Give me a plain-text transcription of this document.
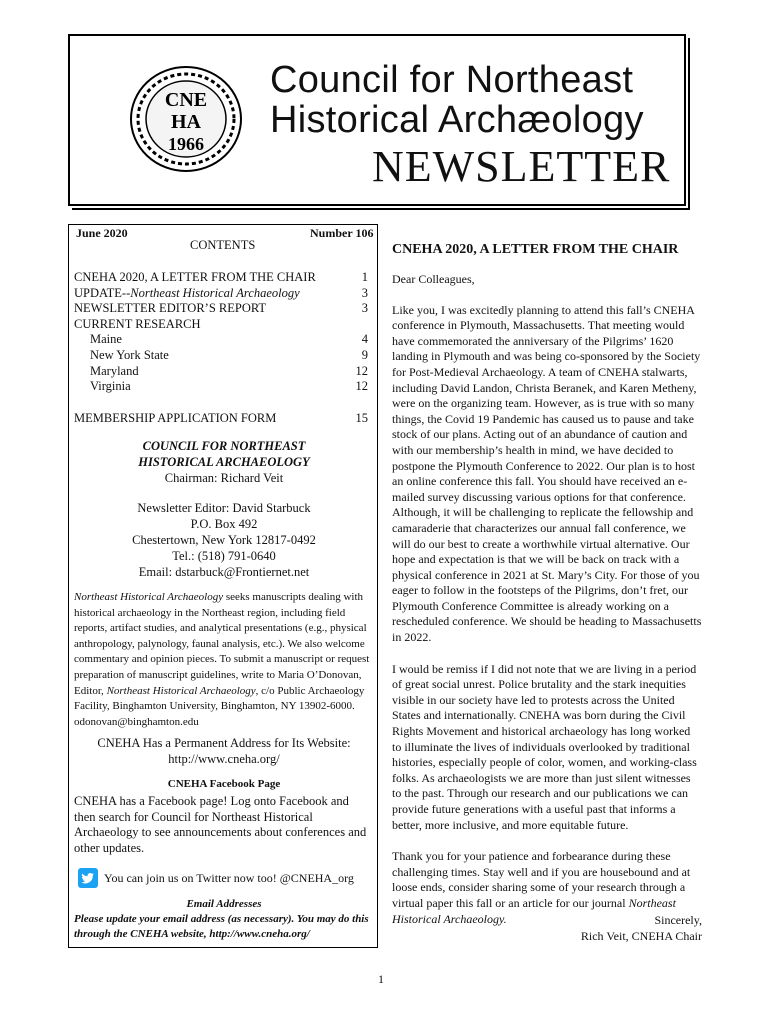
CNE
HA
1966
Council for Northeast
Historical Archæology
NEWSLETTER
June 2020	Number 106
CONTENTS
CNEHA 2020, A LETTER FROM THE CHAIR	1
UPDATE--Northeast Historical Archaeology	3
NEWSLETTER EDITOR’S REPORT	3
CURRENT RESEARCH
Maine	4
New York State	9
Maryland	12
Virginia	12
MEMBERSHIP APPLICATION FORM	15
COUNCIL FOR NORTHEAST
HISTORICAL ARCHAEOLOGY
Chairman: Richard Veit
Newsletter Editor: David Starbuck
P.O. Box 492
Chestertown, New York 12817-0492
Tel.: (518) 791-0640
Email: dstarbuck@Frontiernet.net
Northeast Historical Archaeology seeks manuscripts dealing with historical archaeology in the Northeast region, including field reports, artifact studies, and analytical presentations (e.g., physical anthropology, palynology, faunal analysis, etc.). We also welcome commentary and opinion pieces. To submit a manuscript or request preparation of manuscript guidelines, write to Maria O’Donovan, Editor, Northeast Historical Archaeology, c/o Public Archaeology Facility, Binghamton University, Binghamton, NY 13902-6000. odonovan@binghamton.edu
CNEHA Has a Permanent Address for Its Website:
http://www.cneha.org/
CNEHA Facebook Page
CNEHA has a Facebook page! Log onto Facebook and then search for Council for Northeast Historical Archaeology to see announcements about conferences and other updates.
You can join us on Twitter now too! @CNEHA_org
Email Addresses
Please update your email address (as necessary). You may do this through the CNEHA website, http://www.cneha.org/
CNEHA 2020, A LETTER FROM THE CHAIR

Dear Colleagues,

Like you, I was excitedly planning to attend this fall’s CNEHA conference in Plymouth, Massachusetts. That meeting would have commemorated the anniversary of the Pilgrims’ 1620 landing in Plymouth and was being co-sponsored by the Society for Post-Medieval Archaeology. A team of CNEHA stalwarts, including David Landon, Christa Beranek, and Karen Metheny, were on the organizing team. However, as is true with so many things, the Covid 19 Pandemic has caused us to pause and take stock of our plans. Acting out of an abundance of caution and with our membership’s health in mind, we have decided to postpone the Plymouth Conference to 2022. Our plan is to host an online conference this fall. You should have received an e-mailed survey discussing various options for that conference. Although, it will be challenging to replicate the fellowship and camaraderie that characterizes our annual fall conference, we will do our best to create a worthwhile virtual alternative. Our hope and expectation is that we will be back on track with a physical conference in 2021 at St. Mary’s City. For those of you eager to follow in the footsteps of the Pilgrims, don’t fret, our Plymouth Conference Committee is already working on a rescheduled conference. We should be heading to Massachusetts in 2022.

I would be remiss if I did not note that we are living in a period of great social unrest. Police brutality and the stark inequities visible in our society have led to protests across the United States and internationally. CNEHA was born during the Civil Rights Movement and historical archaeology has long worked to illuminate the lives of individuals overlooked by traditional histories, especially people of color, women, and working-class folks. As archaeologists we are more than just silent witnesses to the past. Through our research and our publications we can provide future generations with a useful past that informs a better, more inclusive, and more equitable future.

Thank you for your patience and forbearance during these challenging times. Stay well and if you are housebound and at loose ends, consider sharing some of your research through a virtual paper this fall or an article for our journal Northeast Historical Archaeology.	Sincerely,
Rich Veit, CNEHA Chair
1
